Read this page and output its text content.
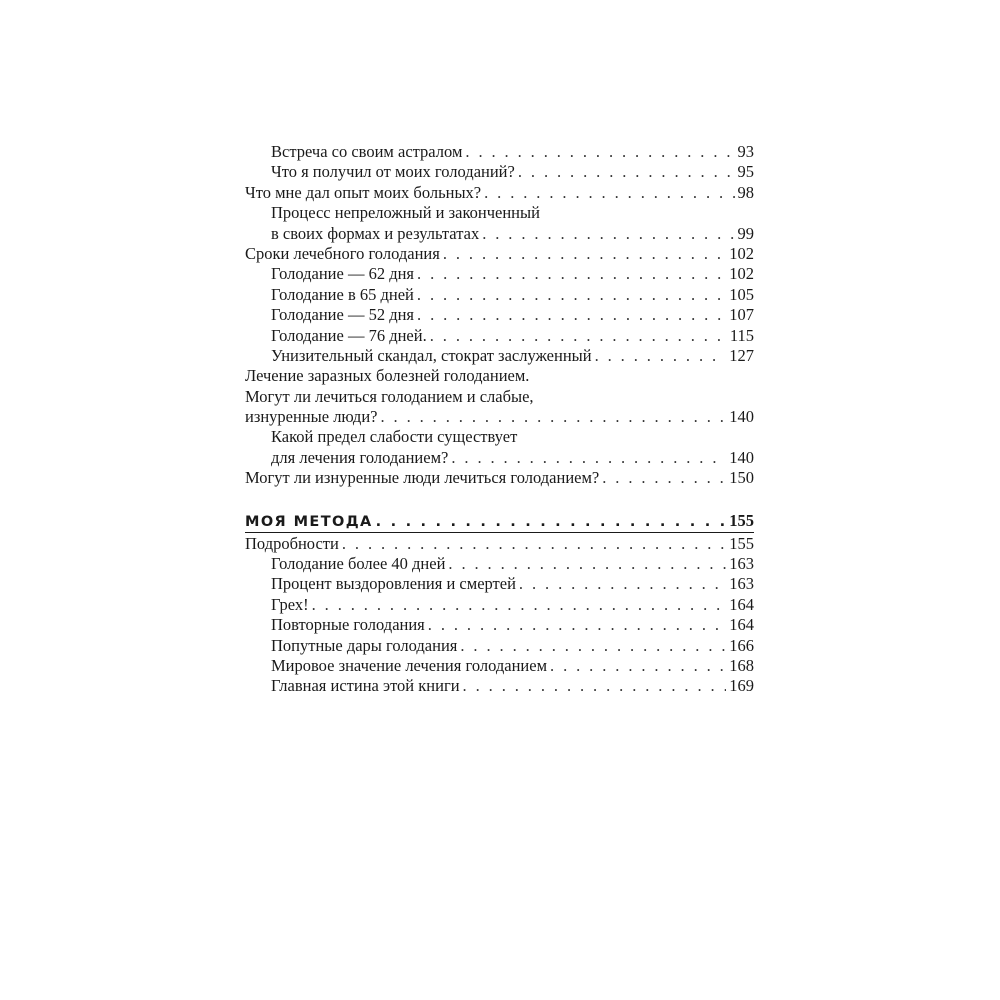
Встреча со своим астралом . . .	93
Что я получил от моих голоданий? . . .	95
Что мне дал опыт моих больных? . . .	98
Процесс непреложный и законченный
в своих формах и результатах . . .	99
Сроки лечебного голодания . . .	102
Голодание — 62 дня . . .	102
Голодание в 65 дней . . .	105
Голодание — 52 дня . . .	107
Голодание — 76 дней. . . .	115
Унизительный скандал, стократ заслуженный . . .	127
Лечение заразных болезней голоданием.
Могут ли лечиться голоданием и слабые,
изнуренные люди? . . .	140
Какой предел слабости существует
для лечения голоданием? . . .	140
Могут ли изнуренные люди лечиться голоданием? . . .	150
МОЯ МЕТОДА . . .	155
Подробности . . .	155
Голодание более 40 дней . . .	163
Процент выздоровления и смертей . . .	163
Грех! . . .	164
Повторные голодания . . .	164
Попутные дары голодания . . .	166
Мировое значение лечения голоданием . . .	168
Главная истина этой книги . . .	169
